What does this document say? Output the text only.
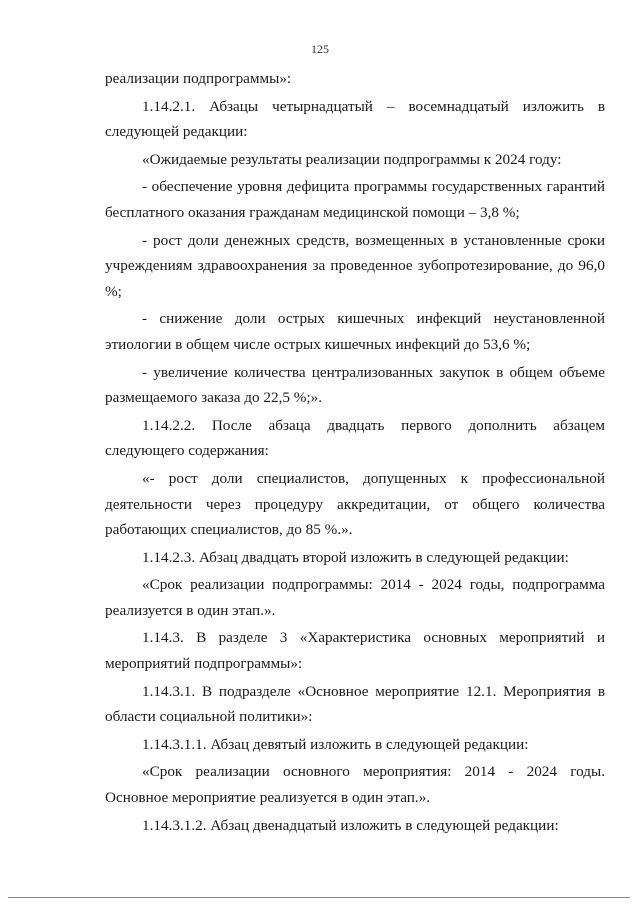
125

реализации подпрограммы»:

1.14.2.1. Абзацы четырнадцатый – восемнадцатый изложить в следующей редакции:

«Ожидаемые результаты реализации подпрограммы к 2024 году:

- обеспечение уровня дефицита программы государственных гарантий бесплатного оказания гражданам медицинской помощи – 3,8 %;

- рост доли денежных средств, возмещенных в установленные сроки учреждениям здравоохранения за проведенное зубопротезирование, до 96,0 %;

- снижение доли острых кишечных инфекций неустановленной этиологии в общем числе острых кишечных инфекций до 53,6 %;

- увеличение количества централизованных закупок в общем объеме размещаемого заказа до 22,5 %;».

1.14.2.2. После абзаца двадцать первого дополнить абзацем следующего содержания:

«- рост доли специалистов, допущенных к профессиональной деятельности через процедуру аккредитации, от общего количества работающих специалистов, до 85 %.».

1.14.2.3. Абзац двадцать второй изложить в следующей редакции:

«Срок реализации подпрограммы: 2014 - 2024 годы, подпрограмма реализуется в один этап.».

1.14.3. В разделе 3 «Характеристика основных мероприятий и мероприятий подпрограммы»:

1.14.3.1. В подразделе «Основное мероприятие 12.1. Мероприятия в области социальной политики»:

1.14.3.1.1. Абзац девятый изложить в следующей редакции:

«Срок реализации основного мероприятия: 2014 - 2024 годы. Основное мероприятие реализуется в один этап.».

1.14.3.1.2. Абзац двенадцатый изложить в следующей редакции:
